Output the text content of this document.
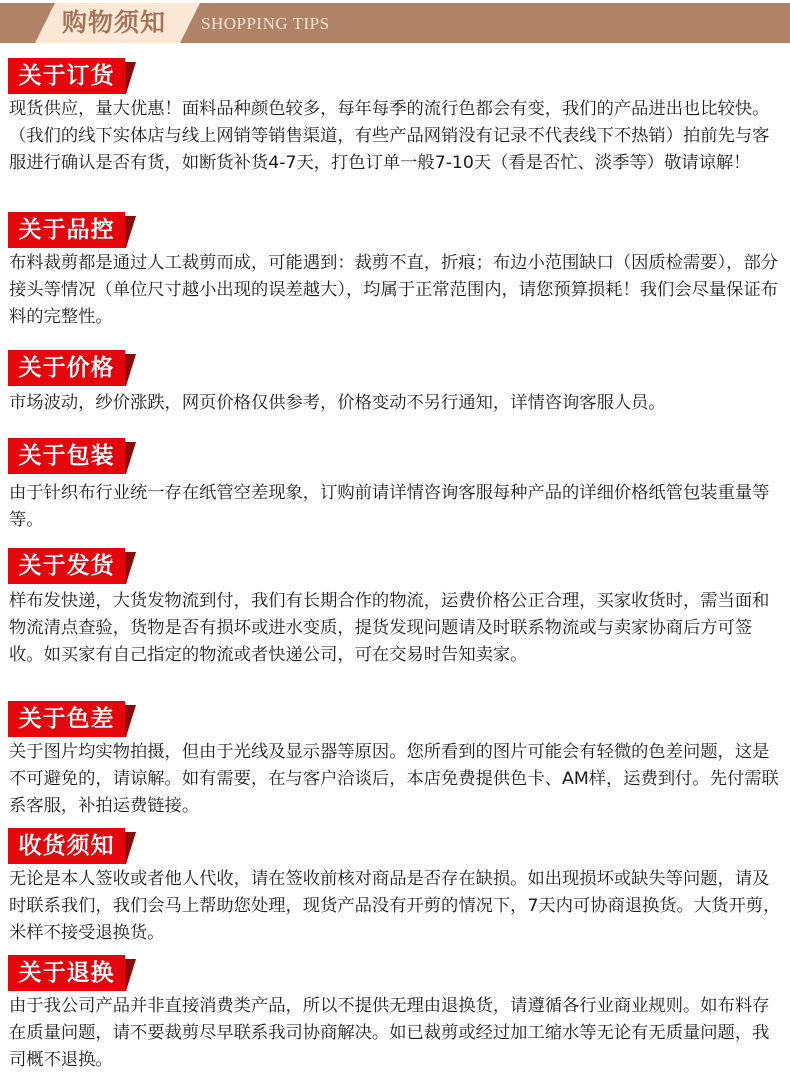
购物须知 SHOPPING TIPS
关于订货

现货供应，量大优惠！面料品种颜色较多，每年每季的流行色都会有变，我们的产品进出也比较快。（我们的线下实体店与线上网销等销售渠道，有些产品网销没有记录不代表线下不热销）拍前先与客服进行确认是否有货，如断货补货4-7天，打色订单一般7-10天（看是否忙、淡季等）敬请谅解！

关于品控

布料裁剪都是通过人工裁剪而成，可能遇到：裁剪不直，折痕；布边小范围缺口（因质检需要），部分接头等情况（单位尺寸越小出现的误差越大），均属于正常范围内，请您预算损耗！我们会尽量保证布料的完整性。

关于价格

市场波动，纱价涨跌，网页价格仅供参考，价格变动不另行通知，详情咨询客服人员。

关于包装

由于针织布行业统一存在纸管空差现象，订购前请详情咨询客服每种产品的详细价格纸管包装重量等等。

关于发货

样布发快递，大货发物流到付，我们有长期合作的物流，运费价格公正合理，买家收货时，需当面和物流清点查验，货物是否有损坏或进水变质，提货发现问题请及时联系物流或与卖家协商后方可签收。如买家有自己指定的物流或者快递公司，可在交易时告知卖家。

关于色差

关于图片均实物拍摄，但由于光线及显示器等原因。您所看到的图片可能会有轻微的色差问题，这是不可避免的，请谅解。如有需要，在与客户洽谈后，本店免费提供色卡、AM样，运费到付。先付需联系客服，补拍运费链接。

收货须知

无论是本人签收或者他人代收，请在签收前核对商品是否存在缺损。如出现损坏或缺失等问题，请及时联系我们，我们会马上帮助您处理，现货产品没有开剪的情况下，7天内可协商退换货。大货开剪，米样不接受退换货。

关于退换

由于我公司产品并非直接消费类产品，所以不提供无理由退换货，请遵循各行业商业规则。如布料存在质量问题，请不要裁剪尽早联系我司协商解决。如已裁剪或经过加工缩水等无论有无质量问题，我司概不退换。
